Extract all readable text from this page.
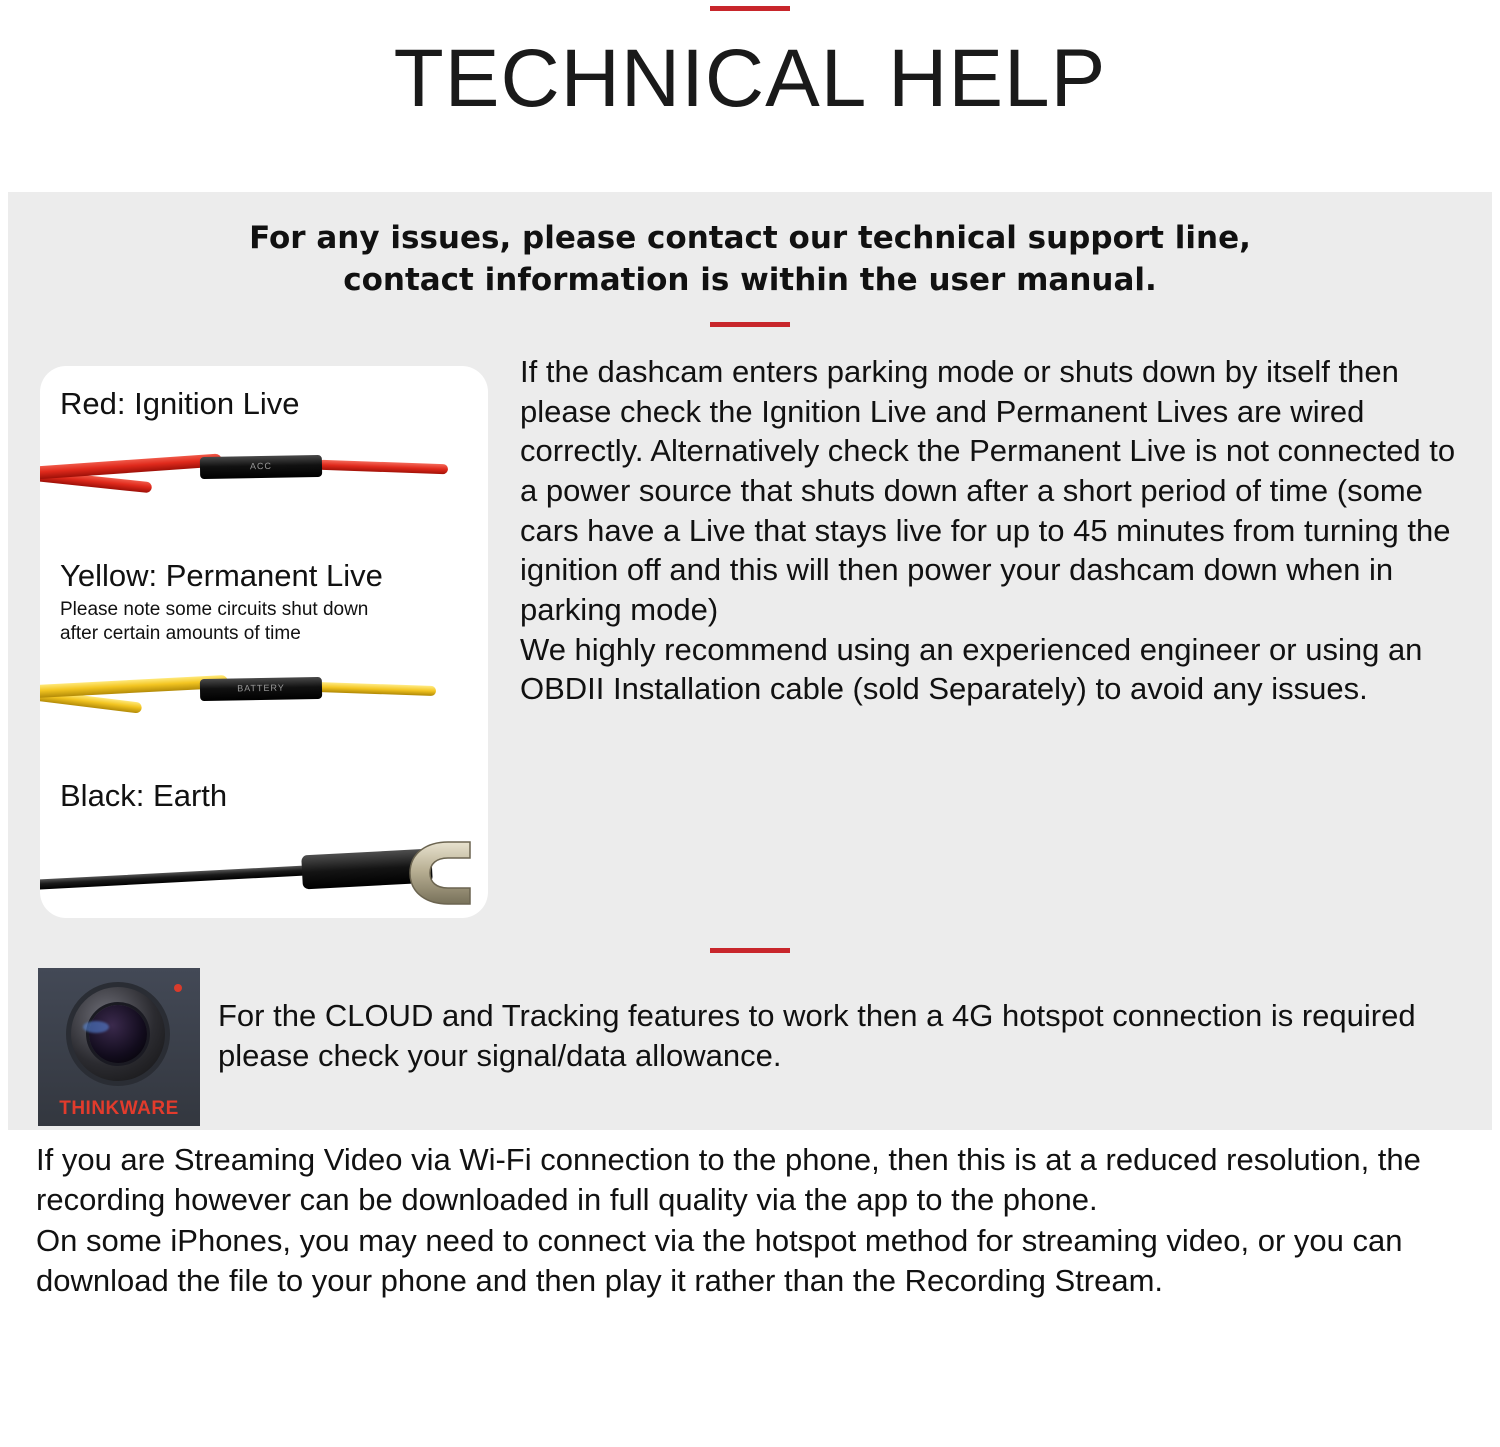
TECHNICAL HELP
For any issues, please contact our technical support line,
contact information is within the user manual.
Red: Ignition Live
ACC
Yellow: Permanent Live
Please note some circuits shut down
after certain amounts of time
BATTERY
Black: Earth

If the dashcam enters parking mode or shuts down by itself then please check the Ignition Live and Permanent Lives are wired correctly. Alternatively check the Permanent Live is not connected to a power source that shuts down after a short period of time (some cars have a Live that stays live for up to 45 minutes from turning the ignition off and this will then power your dashcam down when in parking mode)

We highly recommend using an experienced engineer or using an OBDII Installation cable (sold Separately) to avoid any issues.

THINKWARE
For the CLOUD and Tracking features to work then a 4G hotspot connection is required please check your signal/data allowance.

If you are Streaming Video via Wi-Fi connection to the phone, then this is at a reduced resolution, the recording however can be downloaded in full quality via the app to the phone.

On some iPhones, you may need to connect via the hotspot method for streaming video, or you can download the file to your phone and then play it rather than the Recording Stream.
